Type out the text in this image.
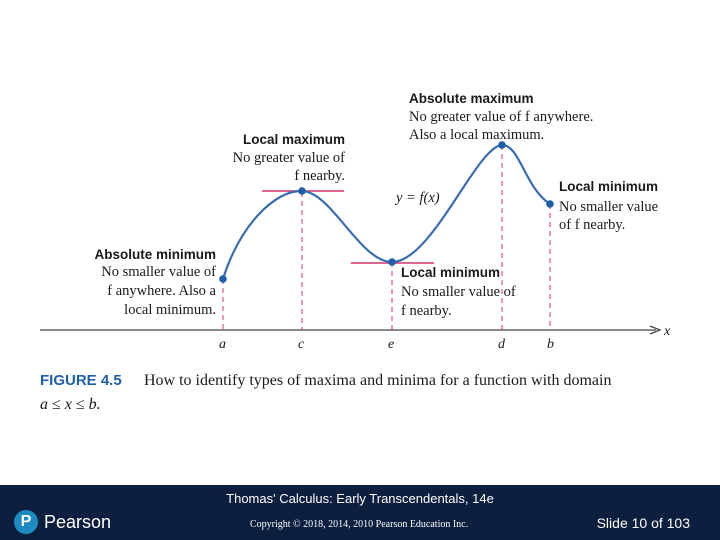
x
a	c	e	d	b
y = f(x)
Absolute maximum
No greater value of f anywhere.
Also a local maximum.
Local maximum
No greater value of
f nearby.
Local minimum
No smaller value
of f nearby.
Absolute minimum
No smaller value of
f anywhere. Also a
local minimum.
Local minimum
No smaller value of
f nearby.
FIGURE 4.5 How to identify types of maxima and minima for a function with domain
a ≤ x ≤ b.
P Pearson
Thomas' Calculus: Early Transcendentals, 14e
Copyright © 2018, 2014, 2010 Pearson Education Inc.	Slide 10 of 103
